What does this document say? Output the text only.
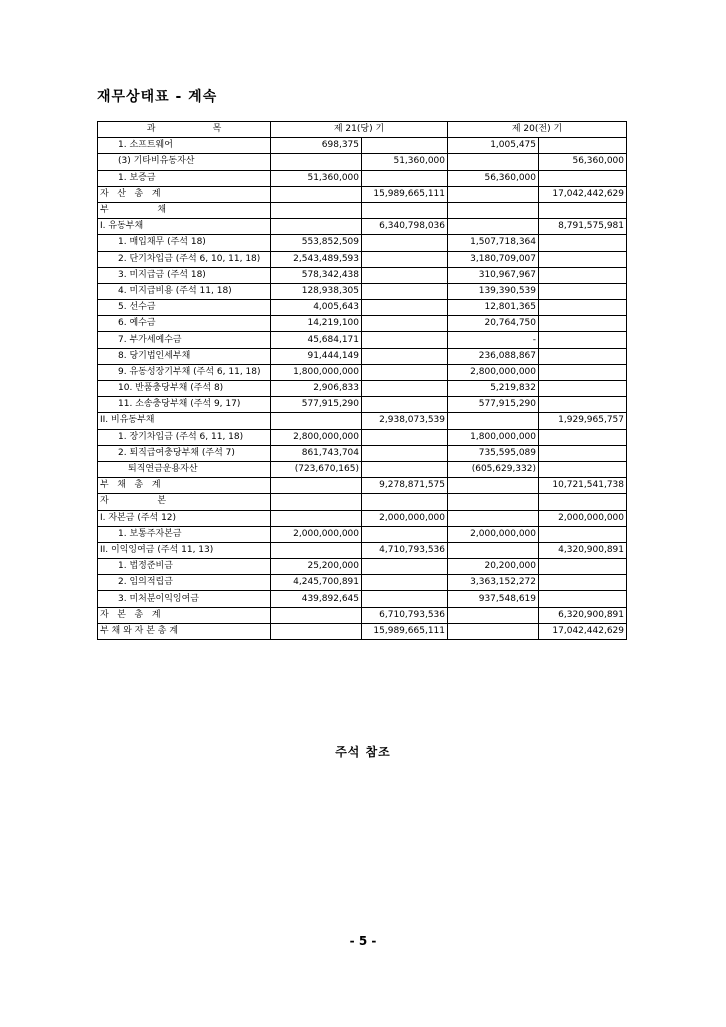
재무상태표 - 계속
과                    목	제 21(당) 기		제 20(전) 기	
1. 소프트웨어	698,375		1,005,475	
(3) 기타비유동자산		51,360,000		56,360,000
1. 보증금	51,360,000		56,360,000	
자   산   총   계		15,989,665,111		17,042,442,629
부                 채				
I. 유동부채		6,340,798,036		8,791,575,981
1. 매입채무 (주석 18)	553,852,509		1,507,718,364	
2. 단기차입금 (주석 6, 10, 11, 18)	2,543,489,593		3,180,709,007	
3. 미지급금 (주석 18)	578,342,438		310,967,967	
4. 미지급비용 (주석 11, 18)	128,938,305		139,390,539	
5. 선수금	4,005,643		12,801,365	
6. 예수금	14,219,100		20,764,750	
7. 부가세예수금	45,684,171		-	
8. 당기법인세부채	91,444,149		236,088,867	
9. 유동성장기부채 (주석 6, 11, 18)	1,800,000,000		2,800,000,000	
10. 반품충당부채 (주석 8)	2,906,833		5,219,832	
11. 소송충당부채 (주석 9, 17)	577,915,290		577,915,290	
II. 비유동부채		2,938,073,539		1,929,965,757
1. 장기차입금 (주석 6, 11, 18)	2,800,000,000		1,800,000,000	
2. 퇴직급여충당부채 (주석 7)	861,743,704		735,595,089	
퇴직연금운용자산	(723,670,165)		(605,629,332)	
부   채   총   계		9,278,871,575		10,721,541,738
자                 본				
I. 자본금 (주석 12)		2,000,000,000		2,000,000,000
1. 보통주자본금	2,000,000,000		2,000,000,000	
II. 이익잉여금 (주석 11, 13)		4,710,793,536		4,320,900,891
1. 법정준비금	25,200,000		20,200,000	
2. 임의적립금	4,245,700,891		3,363,152,272	
3. 미처분이익잉여금	439,892,645		937,548,619	
자   본   총   계		6,710,793,536		6,320,900,891
부 채 와 자 본 총 계		15,989,665,111		17,042,442,629
주석 참조
- 5 -
